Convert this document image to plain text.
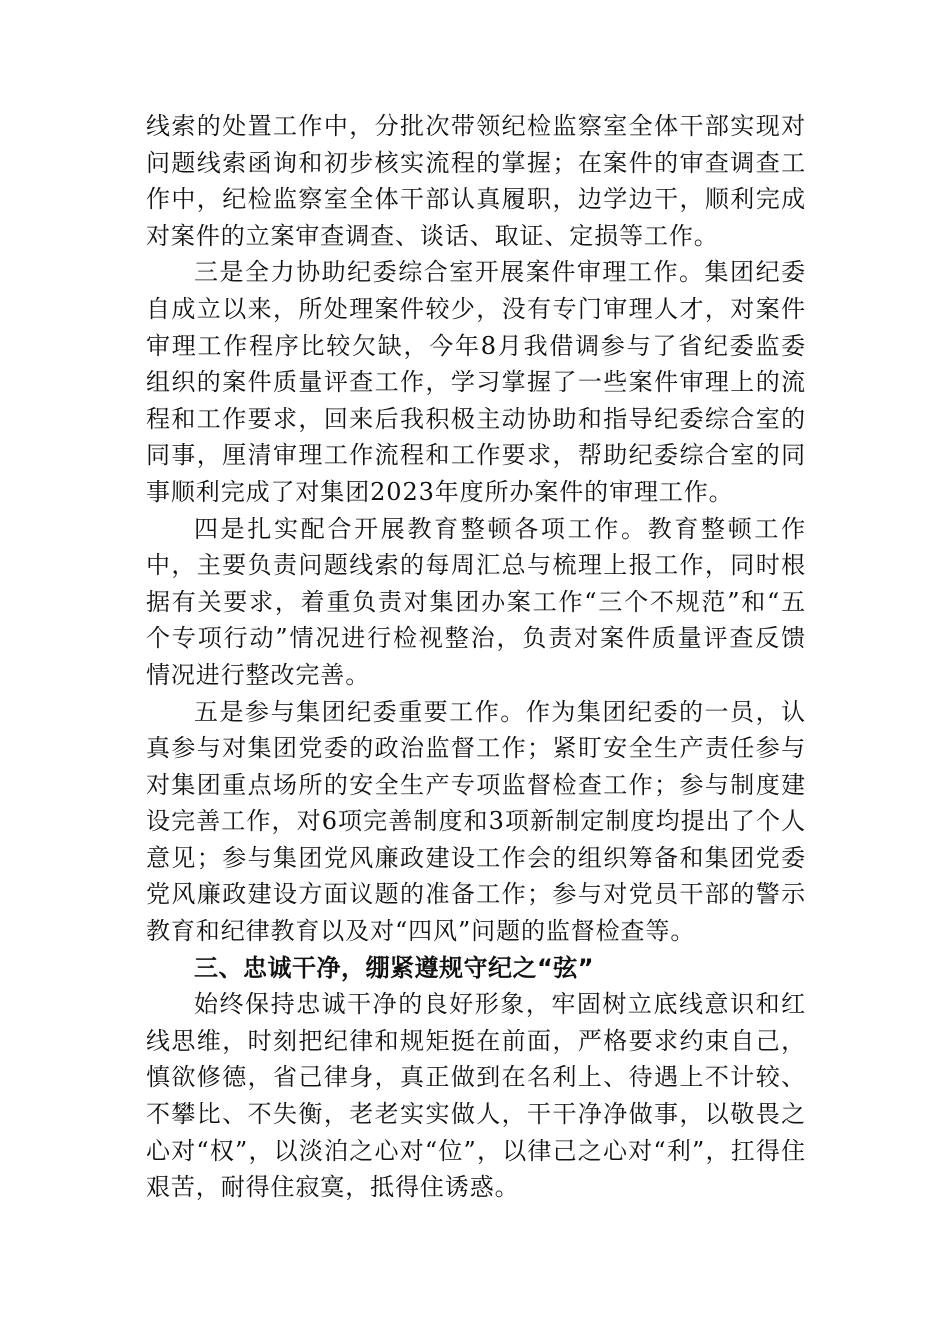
线索的处置工作中，分批次带领纪检监察室全体干部实现对问题线索函询和初步核实流程的掌握；在案件的审查调查工作中，纪检监察室全体干部认真履职，边学边干，顺利完成对案件的立案审查调查、谈话、取证、定损等工作。

三是全力协助纪委综合室开展案件审理工作。集团纪委自成立以来，所处理案件较少，没有专门审理人才，对案件审理工作程序比较欠缺，今年8月我借调参与了省纪委监委组织的案件质量评查工作，学习掌握了一些案件审理上的流程和工作要求，回来后我积极主动协助和指导纪委综合室的同事，厘清审理工作流程和工作要求，帮助纪委综合室的同事顺利完成了对集团2023年度所办案件的审理工作。

四是扎实配合开展教育整顿各项工作。教育整顿工作中，主要负责问题线索的每周汇总与梳理上报工作，同时根据有关要求，着重负责对集团办案工作“三个不规范”和“五个专项行动”情况进行检视整治，负责对案件质量评查反馈情况进行整改完善。

五是参与集团纪委重要工作。作为集团纪委的一员，认真参与对集团党委的政治监督工作；紧盯安全生产责任参与对集团重点场所的安全生产专项监督检查工作；参与制度建设完善工作，对6项完善制度和3项新制定制度均提出了个人意见；参与集团党风廉政建设工作会的组织筹备和集团党委党风廉政建设方面议题的准备工作；参与对党员干部的警示教育和纪律教育以及对“四风”问题的监督检查等。

三、忠诚干净，绷紧遵规守纪之“弦”

始终保持忠诚干净的良好形象，牢固树立底线意识和红线思维，时刻把纪律和规矩挺在前面，严格要求约束自己，慎欲修德，省己律身，真正做到在名利上、待遇上不计较、不攀比、不失衡，老老实实做人，干干净净做事，以敬畏之心对“权”，以淡泊之心对“位”，以律己之心对“利”，扛得住艰苦，耐得住寂寞，抵得住诱惑。
